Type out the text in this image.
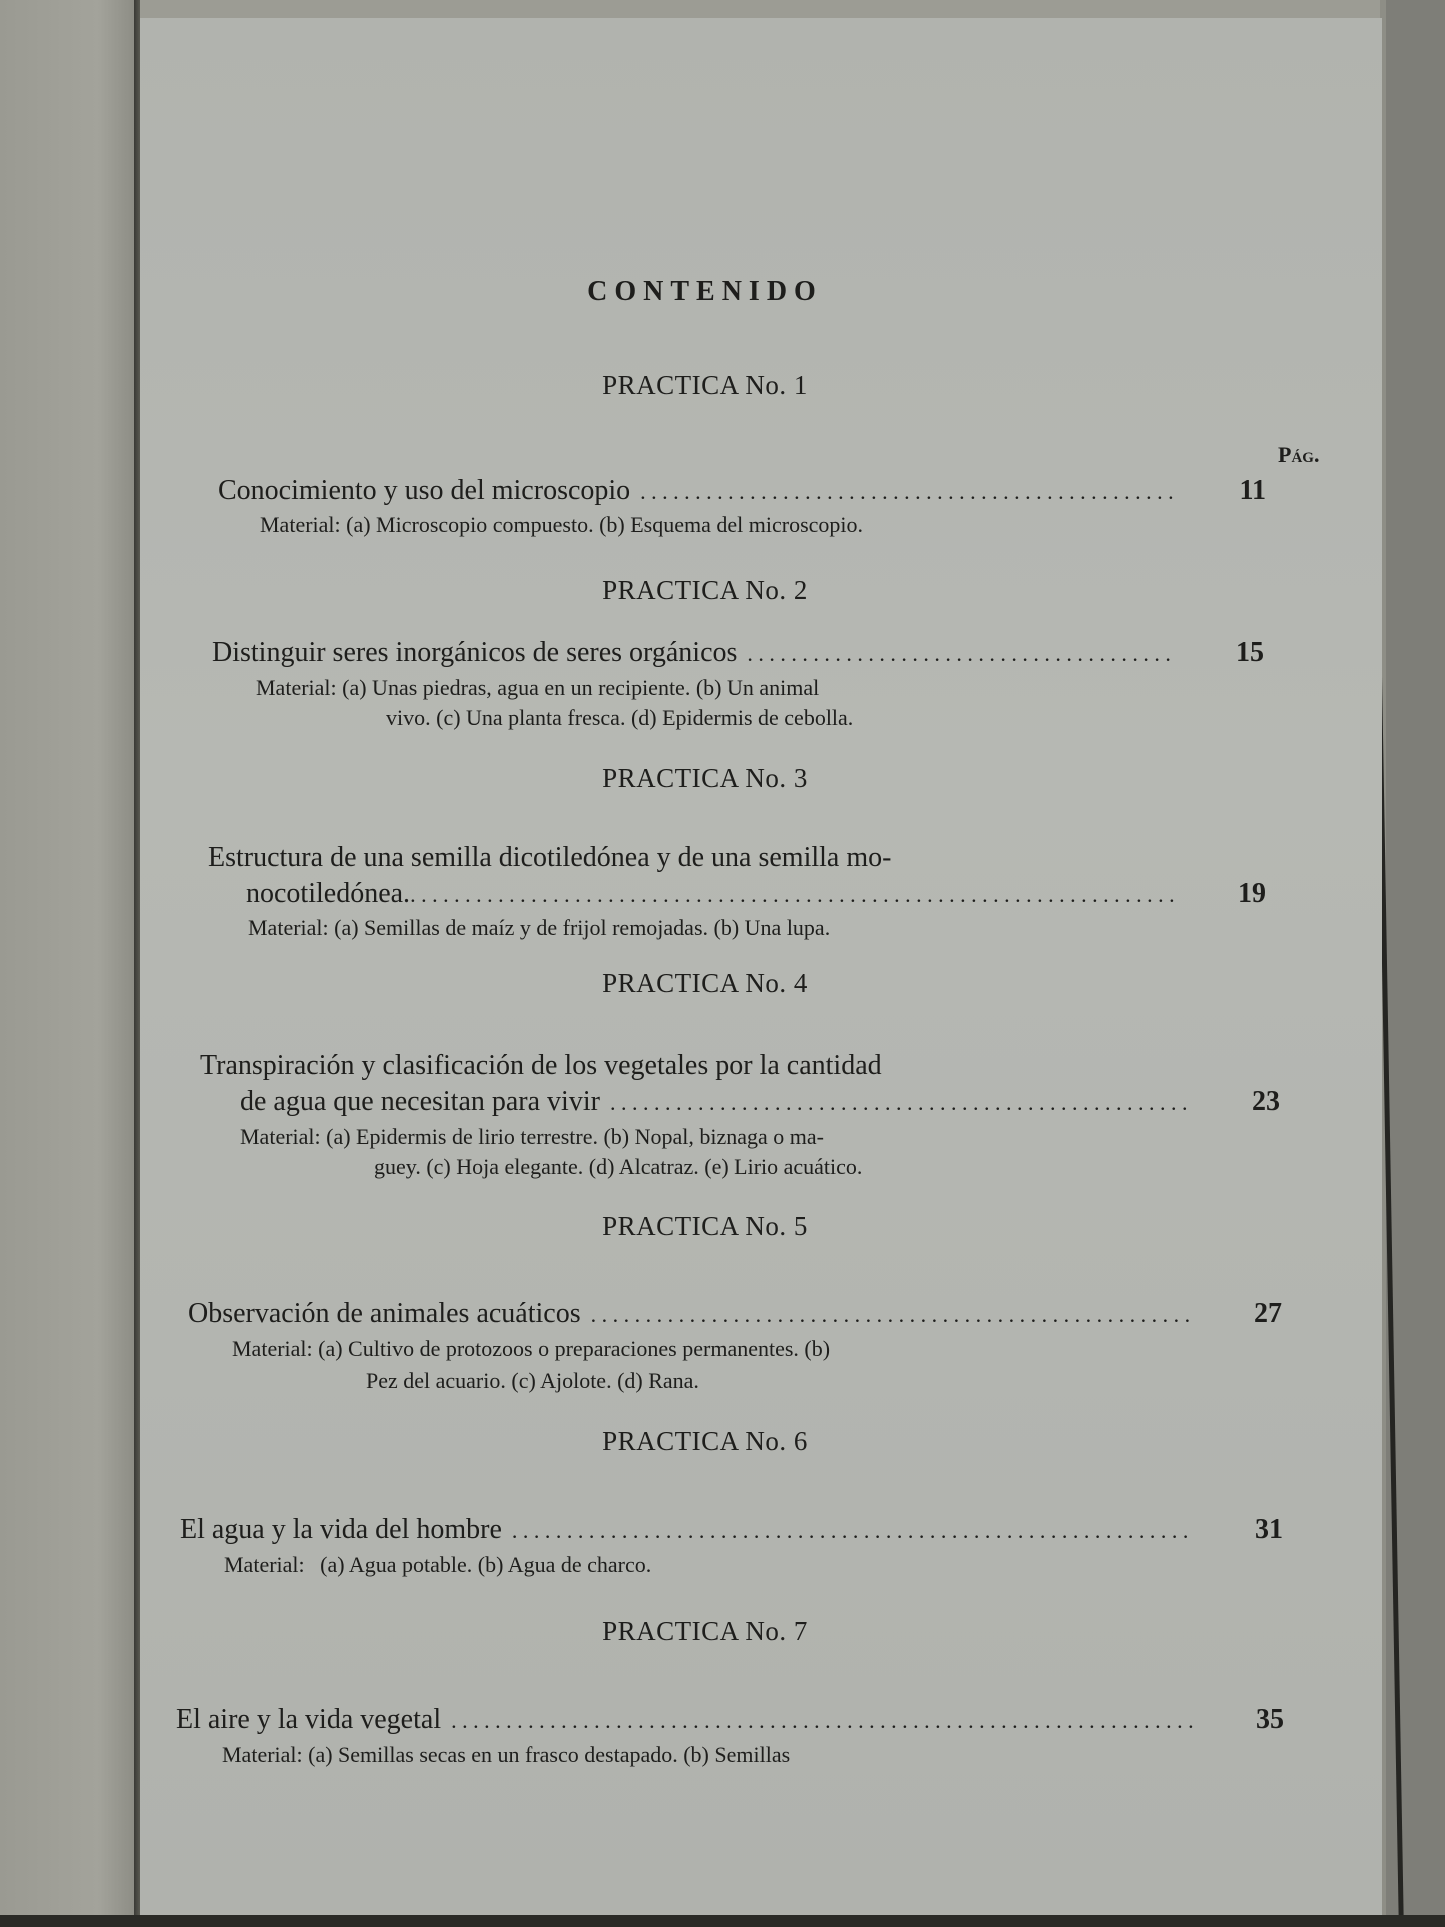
CONTENIDO
PRACTICA No. 1
Pág.
Conocimiento y uso del microscopio . . .	11
Material: (a) Microscopio compuesto. (b) Esquema del microscopio.
PRACTICA No. 2
Distinguir seres inorgánicos de seres orgánicos . . .	15
Material: (a) Unas piedras, agua en un recipiente. (b) Un animal
vivo. (c) Una planta fresca. (d) Epidermis de cebolla.
PRACTICA No. 3
Estructura de una semilla dicotiledónea y de una semilla mo-
nocotiledónea. . . .	19
Material: (a) Semillas de maíz y de frijol remojadas. (b) Una lupa.
PRACTICA No. 4
Transpiración y clasificación de los vegetales por la cantidad
de agua que necesitan para vivir . . .	23
Material: (a) Epidermis de lirio terrestre. (b) Nopal, biznaga o ma-
guey. (c) Hoja elegante. (d) Alcatraz. (e) Lirio acuático.
PRACTICA No. 5
Observación de animales acuáticos . . .	27
Material: (a) Cultivo de protozoos o preparaciones permanentes. (b)
Pez del acuario. (c) Ajolote. (d) Rana.
PRACTICA No. 6
El agua y la vida del hombre . . .	31
Material: (a) Agua potable. (b) Agua de charco.
PRACTICA No. 7
El aire y la vida vegetal . . .	35
Material: (a) Semillas secas en un frasco destapado. (b) Semillas
